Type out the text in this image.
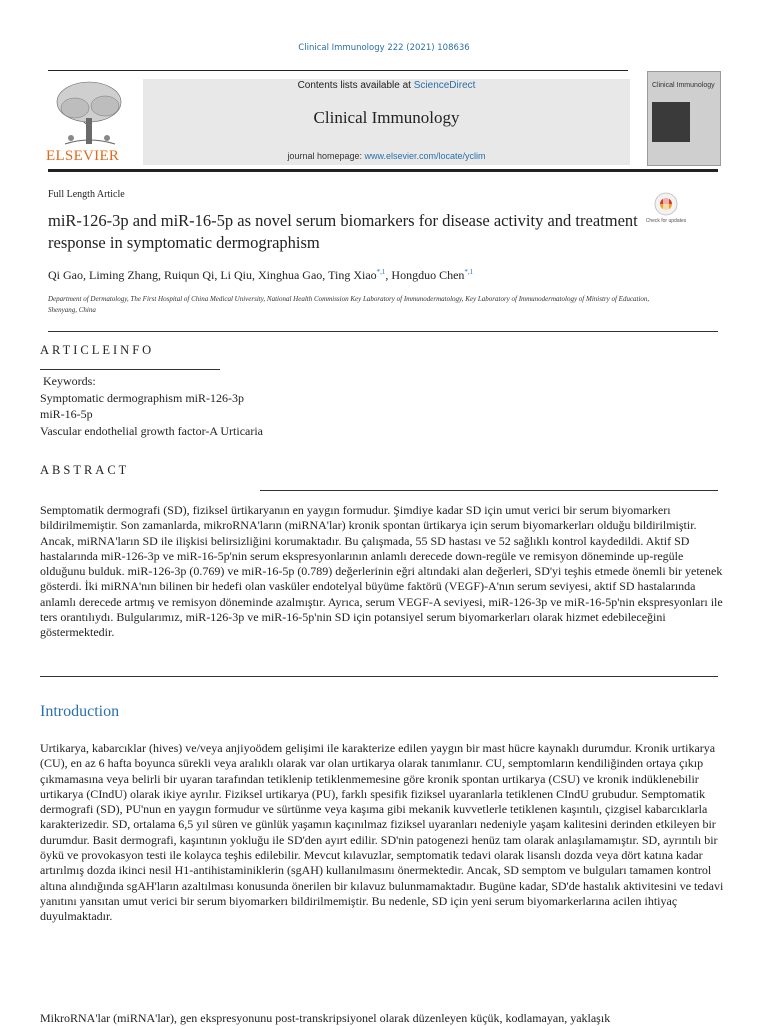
Clinical Immunology 222 (2021) 108636
ELSEVIER
Contents lists available at ScienceDirect
Clinical Immunology
journal homepage: www.elsevier.com/locate/yclim
Clinical Immunology
Full Length Article
Check for updates
miR-126-3p and miR-16-5p as novel serum biomarkers for disease activity and treatment response in symptomatic dermographism
Qi Gao, Liming Zhang, Ruiqun Qi, Li Qiu, Xinghua Gao, Ting Xiao$^{*,1}$, Hongduo Chen$^{*,1}$
Department of Dermatology, The First Hospital of China Medical University, National Health Commission Key Laboratory of Immunodermatology, Key Laboratory of Immunodermatology of Ministry of Education, Shenyang, China
ARTICLEINFO
Keywords:
Symptomatic dermographism miR-126-3p
miR-16-5p
Vascular endothelial growth factor-A Urticaria
ABSTRACT
Semptomatik dermografi (SD), fiziksel ürtikaryanın en yaygın formudur. Şimdiye kadar SD için umut verici bir serum biyomarkerı bildirilmemiştir. Son zamanlarda, mikroRNA'ların (miRNA'lar) kronik spontan ürtikarya için serum biyomarkerları olduğu bildirilmiştir. Ancak, miRNA'ların SD ile ilişkisi belirsizliğini korumaktadır. Bu çalışmada, 55 SD hastası ve 52 sağlıklı kontrol kaydedildi. Aktif SD hastalarında miR-126-3p ve miR-16-5p'nin serum ekspresyonlarının anlamlı derecede down-regüle ve remisyon döneminde up-regüle olduğunu bulduk. miR-126-3p (0.769) ve miR-16-5p (0.789) değerlerinin eğri altındaki alan değerleri, SD'yi teşhis etmede önemli bir yetenek gösterdi. İki miRNA'nın bilinen bir hedefi olan vasküler endotelyal büyüme faktörü (VEGF)-A'nın serum seviyesi, aktif SD hastalarında anlamlı derecede artmış ve remisyon döneminde azalmıştır. Ayrıca, serum VEGF-A seviyesi, miR-126-3p ve miR-16-5p'nin ekspresyonları ile ters orantılıydı. Bulgularımız, miR-126-3p ve miR-16-5p'nin SD için potansiyel serum biyomarkerları olarak hizmet edebileceğini göstermektedir.
Introduction
Urtikarya, kabarcıklar (hives) ve/veya anjiyoödem gelişimi ile karakterize edilen yaygın bir mast hücre kaynaklı durumdur. Kronik urtikarya (CU), en az 6 hafta boyunca sürekli veya aralıklı olarak var olan urtikarya olarak tanımlanır. CU, semptomların kendiliğinden ortaya çıkıp çıkmamasına veya belirli bir uyaran tarafından tetiklenip tetiklenmemesine göre kronik spontan urtikarya (CSU) ve kronik indüklenebilir urtikarya (CIndU) olarak ikiye ayrılır. Fiziksel urtikarya (PU), farklı spesifik fiziksel uyaranlarla tetiklenen CIndU grubudur. Semptomatik dermografi (SD), PU'nun en yaygın formudur ve sürtünme veya kaşıma gibi mekanik kuvvetlerle tetiklenen kaşıntılı, çizgisel kabarcıklarla karakterizedir. SD, ortalama 6,5 yıl süren ve günlük yaşamın kaçınılmaz fiziksel uyaranları nedeniyle yaşam kalitesini derinden etkileyen bir durumdur. Basit dermografi, kaşıntının yokluğu ile SD'den ayırt edilir. SD'nin patogenezi henüz tam olarak anlaşılamamıştır. SD, ayrıntılı bir öykü ve provokasyon testi ile kolayca teşhis edilebilir. Mevcut kılavuzlar, semptomatik tedavi olarak lisanslı dozda veya dört katına kadar artırılmış dozda ikinci nesil H1-antihistaminiklerin (sgAH) kullanılmasını önermektedir. Ancak, SD semptom ve bulguları tamamen kontrol altına alındığında sgAH'ların azaltılması konusunda önerilen bir kılavuz bulunmamaktadır. Bugüne kadar, SD'de hastalık aktivitesini ve tedavi yanıtını yansıtan umut verici bir serum biyomarkerı bildirilmemiştir. Bu nedenle, SD için yeni serum biyomarkerlarına acilen ihtiyaç duyulmaktadır.
MikroRNA'lar (miRNA'lar), gen ekspresyonunu post-transkripsiyonel olarak düzenleyen küçük, kodlamayan, yaklaşık
